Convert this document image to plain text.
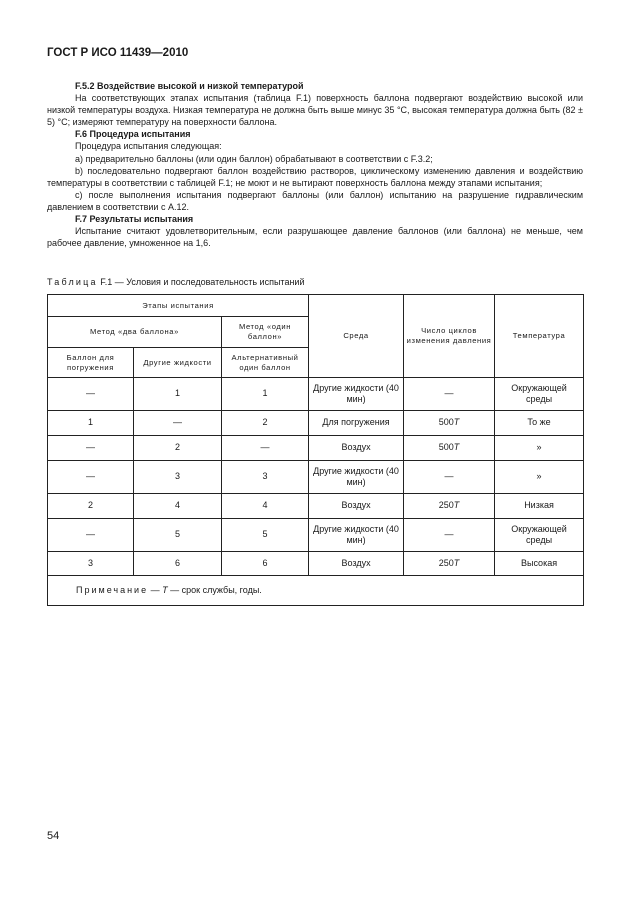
ГОСТ Р ИСО 11439—2010

F.5.2 Воздействие высокой и низкой температурой

На соответствующих этапах испытания (таблица F.1) поверхность баллона подвергают воздействию высокой или низкой температуры воздуха. Низкая температура не должна быть выше минус 35 °С, высокая температура должна быть (82 ± 5) °С; измеряют температуру на поверхности баллона.

F.6 Процедура испытания

Процедура испытания следующая:

а) предварительно баллоны (или один баллон) обрабатывают в соответствии с F.3.2;

b) последовательно подвергают баллон воздействию растворов, циклическому изменению давления и воздействию температуры в соответствии с таблицей F.1; не моют и не вытирают поверхность баллона между этапами испытания;

с) после выполнения испытания подвергают баллоны (или баллон) испытанию на разрушение гидравлическим давлением в соответствии с А.12.

F.7 Результаты испытания

Испытание считают удовлетворительным, если разрушающее давление баллонов (или баллона) не меньше, чем рабочее давление, умноженное на 1,6.

Таблица F.1 — Условия и последовательность испытаний
Этапы испытания			Среда	Число циклов изменения давления	Температура
Метод «два баллона»		Метод «один баллон»			
Баллон для погружения	Другие жидкости	Альтернативный один баллон			
—	1	1	Другие жидкости (40 мин)	—	Окружающей среды
1	—	2	Для погружения	500T	То же
—	2	—	Воздух	500T	»
—	3	3	Другие жидкости (40 мин)	—	»
2	4	4	Воздух	250T	Низкая
—	5	5	Другие жидкости (40 мин)	—	Окружающей среды
3	6	6	Воздух	250T	Высокая
Примечание — T — срок службы, годы.					
54
